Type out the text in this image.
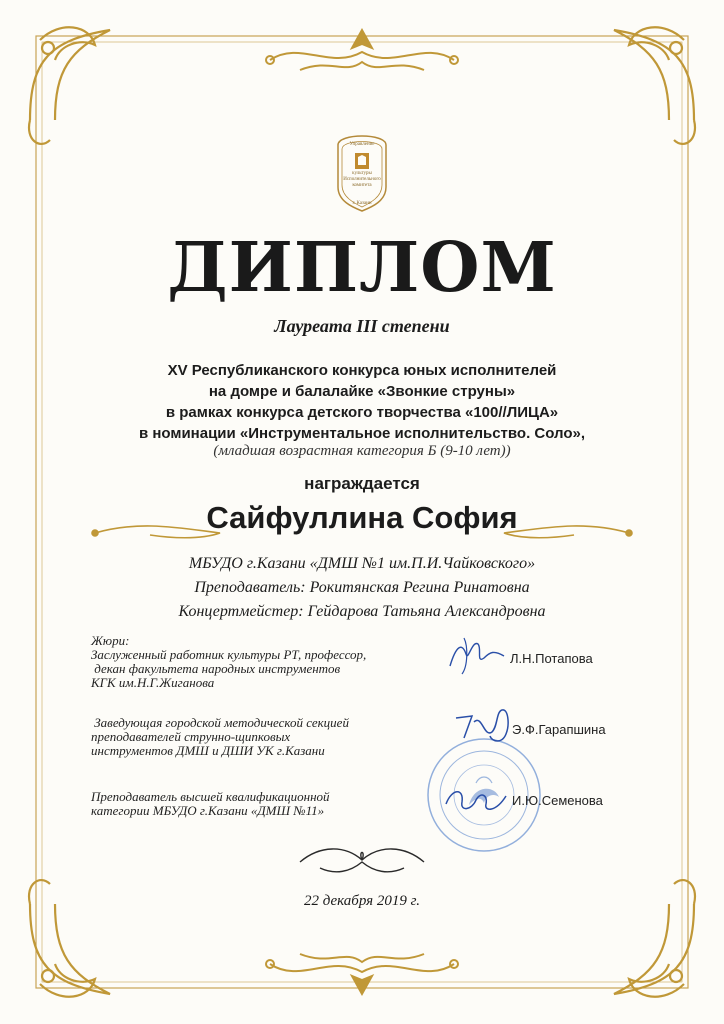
Управление
культуры
Исполнительного
комитета
г. Казани
ДИПЛОМ
Лауреата III степени
XV Республиканского конкурса юных исполнителей
на домре и балалайке «Звонкие струны»
в рамках конкурса детского творчества «100//ЛИЦА»
в номинации «Инструментальное исполнительство. Соло»,
(младшая возрастная категория Б (9-10 лет))
награждается
Сайфуллина София
МБУДО г.Казани «ДМШ №1 им.П.И.Чайковского»
Преподаватель: Рокитянская Регина Ринатовна
Концертмейстер: Гейдарова Татьяна Александровна
Жюри:
Заслуженный работник культуры РТ, профессор,
декан факультета народных инструментов
КГК им.Н.Г.Жиганова
Заведующая городской методической секцией
преподавателей струнно-щипковых
инструментов ДМШ и ДШИ УК г.Казани
Преподаватель высшей квалификационной
категории МБУДО г.Казани «ДМШ №11»
Л.Н.Потапова
Э.Ф.Гарапшина
И.Ю.Семенова
22 декабря 2019 г.
